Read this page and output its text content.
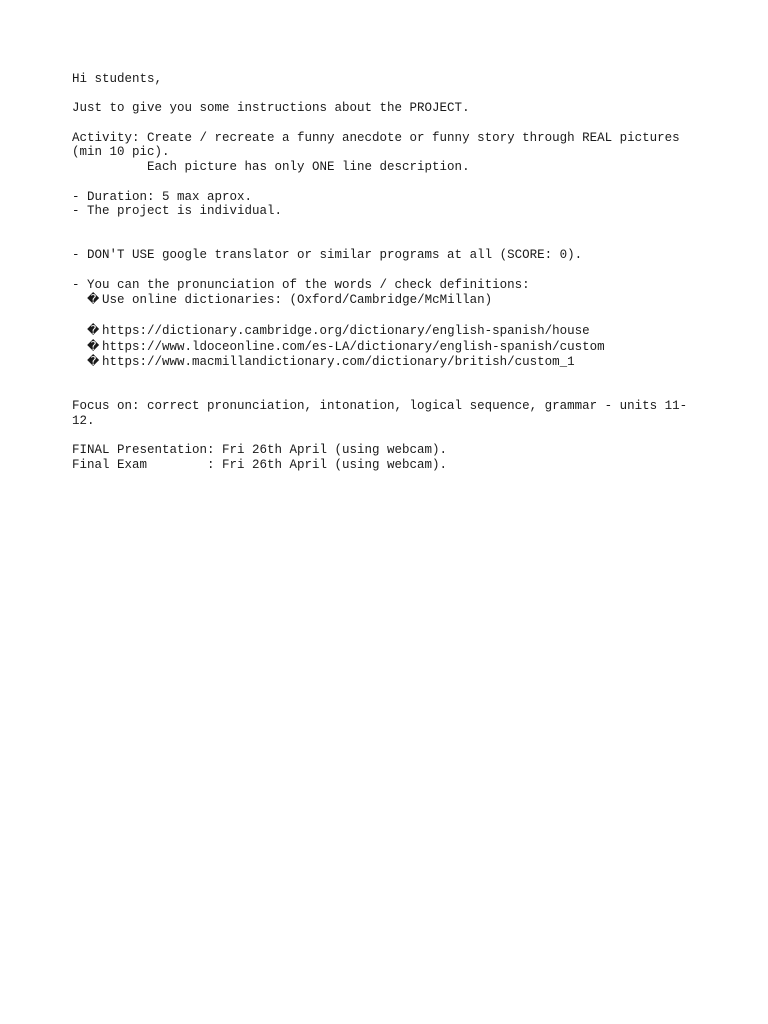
Hi students,
Just to give you some instructions about the PROJECT.
Activity: Create / recreate a funny anecdote or funny story through REAL pictures
(min 10 pic).
Each picture has only ONE line description.
- Duration: 5 max aprox.
- The project is individual.
- DON'T USE google translator or similar programs at all (SCORE: 0).
- You can the pronunciation of the words / check definitions:
� Use online dictionaries: (Oxford/Cambridge/McMillan)
� https://dictionary.cambridge.org/dictionary/english-spanish/house
� https://www.ldoceonline.com/es-LA/dictionary/english-spanish/custom
� https://www.macmillandictionary.com/dictionary/british/custom_1
Focus on: correct pronunciation, intonation, logical sequence, grammar - units 11-
12.
FINAL Presentation: Fri 26th April (using webcam).
Final Exam        : Fri 26th April (using webcam).
